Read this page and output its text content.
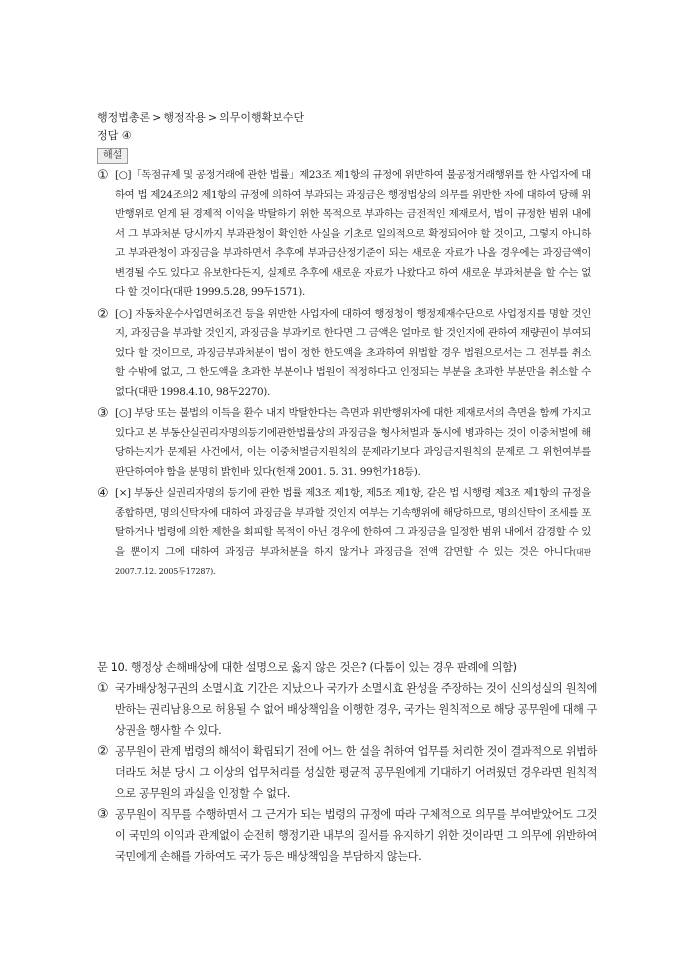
행정법총론 > 행정작용 > 의무이행확보수단
정답 ④
해설
① [○]「독점규제 및 공정거래에 관한 법률」제23조 제1항의 규정에 위반하여 불공정거래행위를 한 사업자에 대하여 법 제24조의2 제1항의 규정에 의하여 부과되는 과징금은 행정법상의 의무를 위반한 자에 대하여 당해 위반행위로 얻게 된 경제적 이익을 박탈하기 위한 목적으로 부과하는 금전적인 제재로서, 법이 규정한 범위 내에서 그 부과처분 당시까지 부과관청이 확인한 사실을 기초로 일의적으로 확정되어야 할 것이고, 그렇지 아니하고 부과관청이 과징금을 부과하면서 추후에 부과금산정기준이 되는 새로운 자료가 나올 경우에는 과징금액이 변경될 수도 있다고 유보한다든지, 실제로 추후에 새로운 자료가 나왔다고 하여 새로운 부과처분을 할 수는 없다 할 것이다(대판 1999.5.28, 99두1571).
② [○] 자동차운수사업면허조건 등을 위반한 사업자에 대하여 행정청이 행정제재수단으로 사업정지를 명할 것인지, 과징금을 부과할 것인지, 과징금을 부과키로 한다면 그 금액은 얼마로 할 것인지에 관하여 재량권이 부여되었다 할 것이므로, 과징금부과처분이 법이 정한 한도액을 초과하여 위법할 경우 법원으로서는 그 전부를 취소할 수밖에 없고, 그 한도액을 초과한 부분이나 법원이 적정하다고 인정되는 부분을 초과한 부분만을 취소할 수 없다(대판 1998.4.10, 98두2270).
③ [○] 부당 또는 불법의 이득을 환수 내지 박탈한다는 측면과 위반행위자에 대한 제재로서의 측면을 함께 가지고 있다고 본 부동산실권리자명의등기에관한법률상의 과징금을 형사처벌과 동시에 병과하는 것이 이중처벌에 해당하는지가 문제된 사건에서, 이는 이중처벌금지원칙의 문제라기보다 과잉금지원칙의 문제로 그 위헌여부를 판단하여야 함을 분명히 밝힌바 있다(헌재 2001. 5. 31. 99헌가18등).
④ [×] 부동산 실권리자명의 등기에 관한 법률 제3조 제1항, 제5조 제1항, 같은 법 시행령 제3조 제1항의 규정을 종합하면, 명의신탁자에 대하여 과징금을 부과할 것인지 여부는 기속행위에 해당하므로, 명의신탁이 조세를 포탈하거나 법령에 의한 제한을 회피할 목적이 아닌 경우에 한하여 그 과징금을 일정한 범위 내에서 감경할 수 있을 뿐이지 그에 대하여 과징금 부과처분을 하지 않거나 과징금을 전액 감면할 수 있는 것은 아니다(대판 2007.7.12. 2005두17287).
문 10. 행정상 손해배상에 대한 설명으로 옳지 않은 것은? (다툼이 있는 경우 판례에 의함)
① 국가배상청구권의 소멸시효 기간은 지났으나 국가가 소멸시효 완성을 주장하는 것이 신의성실의 원칙에 반하는 권리남용으로 허용될 수 없어 배상책임을 이행한 경우, 국가는 원칙적으로 해당 공무원에 대해 구상권을 행사할 수 있다.
② 공무원이 관계 법령의 해석이 확립되기 전에 어느 한 설을 취하여 업무를 처리한 것이 결과적으로 위법하더라도 처분 당시 그 이상의 업무처리를 성실한 평균적 공무원에게 기대하기 어려웠던 경우라면 원칙적으로 공무원의 과실을 인정할 수 없다.
③ 공무원이 직무를 수행하면서 그 근거가 되는 법령의 규정에 따라 구체적으로 의무를 부여받았어도 그것이 국민의 이익과 관계없이 순전히 행정기관 내부의 질서를 유지하기 위한 것이라면 그 의무에 위반하여 국민에게 손해를 가하여도 국가 등은 배상책임을 부담하지 않는다.
